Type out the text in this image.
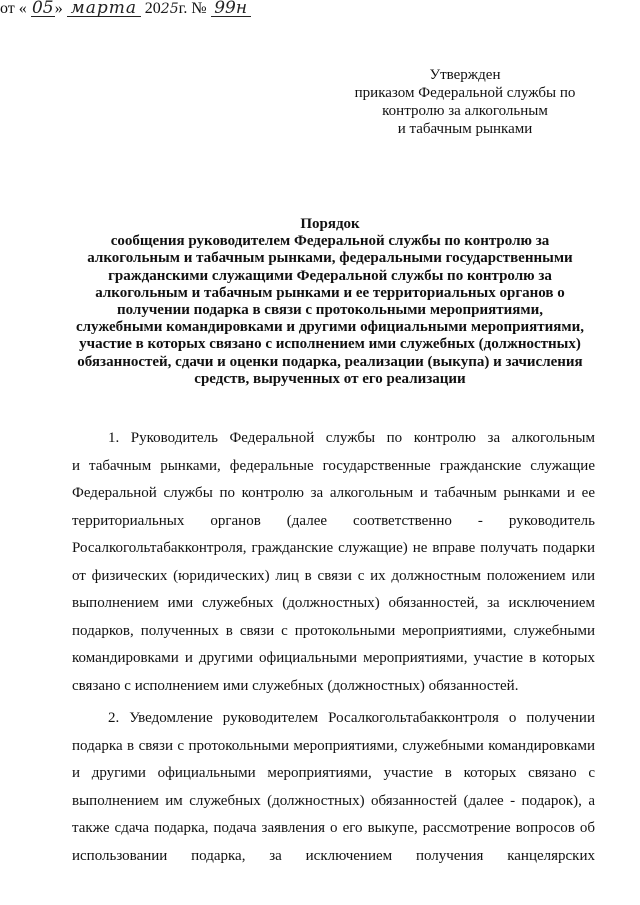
Утвержден
приказом Федеральной службы по
контролю за алкогольным
и табачным рынками
от « 05» марта 2025г. № 99н
Порядок
сообщения руководителем Федеральной службы по контролю за
алкогольным и табачным рынками, федеральными государственными
гражданскими служащими Федеральной службы по контролю за
алкогольным и табачным рынками и ее территориальных органов о
получении подарка в связи с протокольными мероприятиями,
служебными командировками и другими официальными мероприятиями,
участие в которых связано с исполнением ими служебных (должностных)
обязанностей, сдачи и оценки подарка, реализации (выкупа) и зачисления
средств, вырученных от его реализации
1. Руководитель Федеральной службы по контролю за алкогольным
и табачным рынками, федеральные государственные гражданские служащие
Федеральной службы по контролю за алкогольным и табачным рынками и ее
территориальных органов (далее соответственно - руководитель
Росалкогольтабакконтроля, гражданские служащие) не вправе получать подарки
от физических (юридических) лиц в связи с их должностным положением или
выполнением ими служебных (должностных) обязанностей, за исключением
подарков, полученных в связи с протокольными мероприятиями, служебными
командировками и другими официальными мероприятиями, участие в которых
связано с исполнением ими служебных (должностных) обязанностей.
2. Уведомление руководителем Росалкогольтабакконтроля о получении
подарка в связи с протокольными мероприятиями, служебными командировками
и другими официальными мероприятиями, участие в которых связано с
выполнением им служебных (должностных) обязанностей (далее - подарок), а
также сдача подарка, подача заявления о его выкупе, рассмотрение вопросов об
использовании подарка, за исключением получения канцелярских
